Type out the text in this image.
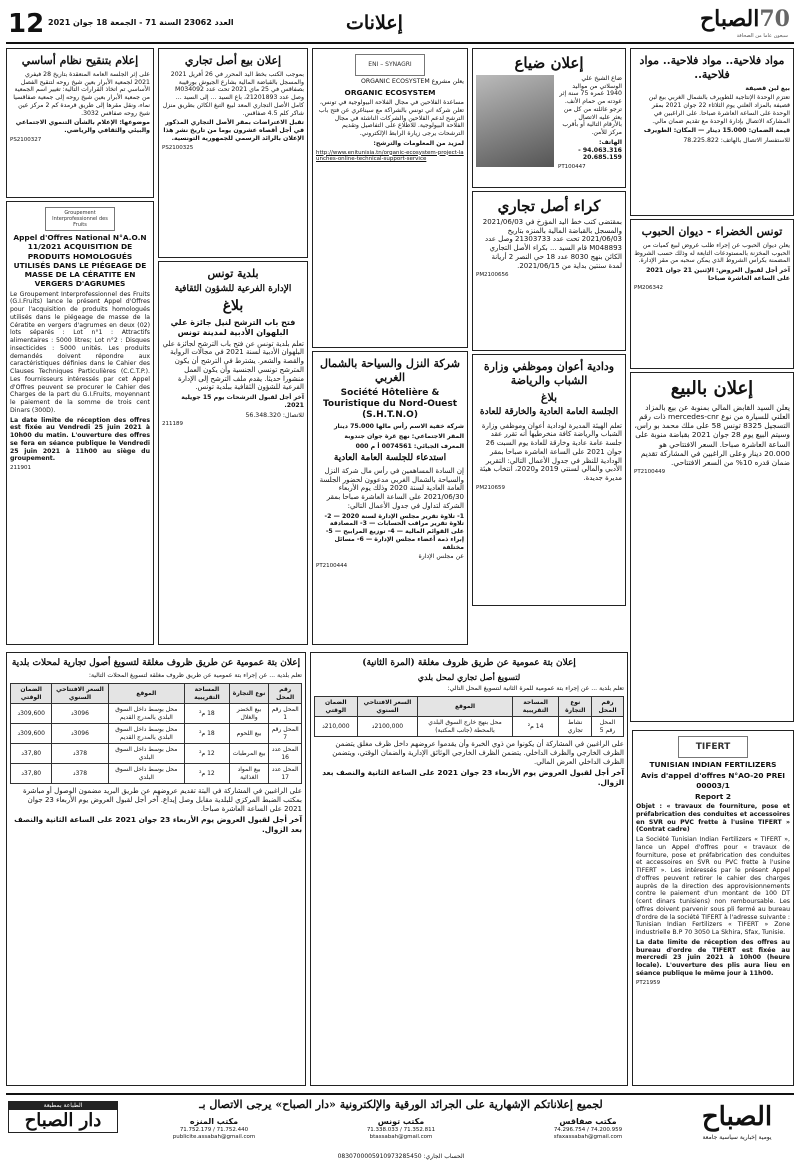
12 العدد 23062 السنة 71 - الجمعة 18 جوان 2021	إعلانات	الصباح70
سبعون عاما من الصحافة
مواد فلاحية.. مواد فلاحية.. مواد فلاحية..
بيع لبن قصيفة
تعتزم الوحدة الإنتاجية للطويرف بالشمال الغربي بيع لبن قصيفة بالمزاد العلني يوم الثلاثاء 22 جوان 2021 بمقر الوحدة على الساعة العاشرة صباحا. على الراغبين في المشاركة الاتصال بإدارة الوحدة مع تقديم ضمان مالي.
قيمة الضمان: 15.000 دينار — المكان: الطويرف
للاستفسار الاتصال بالهاتف: 78.225.822
تونس الخضراء - ديوان الحبوب
يعلن ديوان الحبوب عن إجراء طلب عروض لبيع كميات من الحبوب المخزنة بالمستودعات التابعة له وذلك حسب الشروط المضمنة بكراس الشروط الذي يمكن سحبه من مقر الإدارة.
آخر أجل لقبول العروض: الإثنين 21 جوان 2021 على الساعة العاشرة صباحا
PM206342
إعلان بالبيع
يعلن السيد القابض المالي بمنوبة عن بيع بالمزاد العلني للسيارة من نوع mercedes-cnr ذات رقم التسجيل 8325 تونس 58 على ملك محمد بو راس، وسيتم البيع يوم 28 جوان 2021 بقباضة منوبة على الساعة العاشرة صباحا. السعر الافتتاحي هو 20.000 دينار وعلى الراغبين في المشاركة تقديم ضمان قدره 10% من السعر الافتتاحي.
PT2100449
إعلان ضياع
ضاع الشيخ علي الوسلاتي من مواليد 1940 عمره 75 سنة إثر عودته من حمام الأنف. ترجو عائلته من كل من يعثر عليه الاتصال بالأرقام التالية أو بأقرب مركز للأمن.
الهاتف: 94.063.316 - 20.685.159
PT100447
كراء أصل تجاري
بمقتضى كتب خط اليد المؤرخ في 2021/06/03 والمسجل بالقباضة المالية بالمنزه بتاريخ 2021/06/03 تحت عدد 21303733 وصل عدد M048893 قام السيد ... بكراء الأصل التجاري الكائن بنهج 8030 عدد 18 حي النصر 2 أريانة لمدة سنتين بداية من 2021/06/15.
PM2100656
ودادية أعوان وموظفي وزارة الشباب والرياضة
بلاغ
الجلسة العامة العادية والخارقة للعادة
تعلم الهيئة المديرة لودادية أعوان وموظفي وزارة الشباب والرياضة كافة منخرطيها أنه تقرر عقد جلسة عامة عادية وخارقة للعادة يوم السبت 26 جوان 2021 على الساعة العاشرة صباحا بمقر الودادية للنظر في جدول الأعمال التالي: التقرير الأدبي والمالي لسنتي 2019 و2020، انتخاب هيئة مديرة جديدة.
PM210659
ENI – SYNAGRI
يعلن مشروع ORGANIC ECOSYSTEM
ORGANIC ECOSYSTEM
مساعدة الفلاحين في مجال الفلاحة البيولوجية في تونس، تعلن شركة اني تونس بالشراكة مع سيناغري عن فتح باب الترشح لدعم الفلاحين والشركات الناشئة في مجال الفلاحة البيولوجية. للاطلاع على التفاصيل وتقديم الترشحات يرجى زيارة الرابط الإلكتروني.
لمزيد من المعلومات والترشح:
http://www.enitunisia.tn/organic-ecosystem-project-launches-online-technical-support-service
شركة النزل والسياحة بالشمال الغربي
Société Hôtelière & Touristique du Nord-Ouest (S.H.T.N.O)
شركة خفية الاسم رأس مالها 75.000 دينار
المقر الاجتماعي: نهج غرة جوان جندوبة
المعرف الجبائي: 0074561 أ م 000
استدعاء للجلسة العامة العادية
إن السادة المساهمين في رأس مال شركة النزل والسياحة بالشمال الغربي مدعوون لحضور الجلسة العامة العادية لسنة 2020 وذلك يوم الأربعاء 2021/06/30 على الساعة العاشرة صباحا بمقر الشركة لتداول في جدول الأعمال التالي:
1- تلاوة تقرير مجلس الإدارة لسنة 2020 — 2- تلاوة تقرير مراقب الحسابات — 3- المصادقة على القوائم المالية — 4- توزيع المرابيح — 5- إبراء ذمة أعضاء مجلس الإدارة — 6- مسائل مختلفة
عن مجلس الإدارة
PT2100444
إعلان بيع أصل تجاري
بموجب الكتب بخط اليد المحرر في 26 أفريل 2021 والمسجل بالقباضة المالية بشارع الجيوش بورقيبة بصفاقس في 25 ماي 2021 تحت عدد M034092 وصل عدد 21201893، باع السيد ... إلى السيد ... كامل الأصل التجاري المعد لبيع التبغ الكائن بطريق منزل شاكر كلم 4.5 صفاقس.
تقبل الاعتراضات بمقر الأصل التجاري المذكور في أجل أقصاه عشرون يوما من تاريخ نشر هذا الإعلان بالرائد الرسمي للجمهورية التونسية.
PS2100325
بلدية تونس
الإدارة الفرعية للشؤون الثقافية
بلاغ
فتح باب الترشح لنيل جائزة علي البلهوان الأدبية لمدينة تونس
تعلم بلدية تونس عن فتح باب الترشح لجائزة علي البلهوان الأدبية لسنة 2021 في مجالات الرواية والقصة والشعر. يشترط في الترشح أن يكون المترشح تونسي الجنسية وأن يكون العمل منشورا حديثا. يقدم ملف الترشح إلى الإدارة الفرعية للشؤون الثقافية ببلدية تونس.
آخر أجل لقبول الترشحات يوم 15 جويلية 2021.
للاتصال: 56.348.320
211189
إعلام بتنقيح نظام أساسي
على إثر الجلسة العامة المنعقدة بتاريخ 28 فيفري 2021 لجمعية الأبرار بعين شيخ روحه لتنقيح الفصل الأساسي تم اتخاذ القرارات التالية: تغيير اسم الجمعية من جمعية الأبرار بعين شيخ روحه إلى جمعية صفاقسيا نماء، ونقل مقرها إلى طريق قرمدة كم 2 مركز عين شيخ روحه صفاقس 3032.
موضوعها: الإعلام بالشأن التنموي الاجتماعي والبيئي والثقافي والرياضي.
PS2100327
Groupement Interprofessionnel des Fruits
Appel d'Offres National N°A.O.N 11/2021 ACQUISITION DE PRODUITS HOMOLOGUÉS UTILISÉS DANS LE PIÉGEAGE DE MASSE DE LA CÉRATITE EN VERGERS D'AGRUMES
Le Groupement Interprofessionnel des Fruits (G.I.Fruits) lance le présent Appel d'Offres pour l'acquisition de produits homologués utilisés dans le piégeage de masse de la Cératite en vergers d'agrumes en deux (02) lots séparés : Lot n°1 : Attractifs alimentaires : 5000 litres; Lot n°2 : Disques insecticides : 5000 unités. Les produits demandés doivent répondre aux caractéristiques définies dans le Cahier des Clauses Techniques Particulières (C.C.T.P.). Les fournisseurs intéressés par cet Appel d'Offres peuvent se procurer le Cahier des Charges de la part du G.I.Fruits, moyennant le paiement de la somme de trois cent Dinars (300D).
La date limite de réception des offres est fixée au Vendredi 25 juin 2021 à 10h00 du matin. L'ouverture des offres se fera en séance publique le Vendredi 25 juin 2021 à 11h00 au siège du groupement.
211901
إعلان بتة عمومية عن طريق ظروف مغلقة لتسويغ أصول تجارية لمحلات بلدية
تعلم بلدية ... عن إجراء بتة عمومية عن طريق ظروف مغلقة لتسويغ المحلات التالية:
رقم المحل	نوع التجارة	المساحة التقريبية	الموقع	السعر الافتتاحي السنوي	الضمان الوقتي
المحل رقم 1	بيع الخضر والغلال	18 م²	محل بوسط داخل السوق البلدي بالمدرج القديم	3096د	309,600د
المحل رقم 7	بيع اللحوم	18 م²	محل بوسط داخل السوق البلدي بالمدرج القديم	3096د	309,600د
المحل عدد 16	بيع المرطبات	12 م²	محل بوسط داخل السوق البلدي	378د	37,80د
المحل عدد 17	بيع المواد الغذائية	12 م²	محل بوسط داخل السوق البلدي	378د	37,80د
على الراغبين في المشاركة في البتة تقديم عروضهم عن طريق البريد مضمون الوصول أو مباشرة بمكتب الضبط المركزي للبلدية مقابل وصل إيداع. آخر أجل لقبول العروض يوم الأربعاء 23 جوان 2021 على الساعة العاشرة صباحا.
آخر أجل لقبول العروض يوم الأربعاء 23 جوان 2021 على الساعة الثانية والنصف بعد الزوال.
إعلان بتة عمومية عن طريق ظروف مغلقة (المرة الثانية)
لتسويغ أصل تجاري لمحل بلدي
تعلم بلدية ... عن إجراء بتة عمومية للمرة الثانية لتسويغ المحل التالي:
رقم المحل	نوع التجارة	المساحة التقريبية	الموقع	السعر الافتتاحي السنوي	الضمان الوقتي
المحل رقم 5	نشاط تجاري	14 م²	محل بنهج خارج السوق البلدي بالمحطة (جانب المكتبة)	2100,000د	210,000د
على الراغبين في المشاركة أن يكونوا من ذوي الخبرة وأن يقدموا عروضهم داخل ظرف مغلق يتضمن الظرف الخارجي والظرف الداخلي. يتضمن الظرف الخارجي الوثائق الإدارية والضمان الوقتي، ويتضمن الظرف الداخلي العرض المالي.
آخر أجل لقبول العروض يوم الأربعاء 23 جوان 2021 على الساعة الثانية والنصف بعد الزوال.
TIFERT
TUNISIAN INDIAN FERTILIZERS
Avis d'appel d'offres N°AO-20 PREI 00003/1
Report 2
Objet : « travaux de fourniture, pose et préfabrication des conduites et accessoires en SVR ou PVC frette à l'usine TIFERT » (Contrat cadre)
La Société Tunisian Indian Fertilizers « TIFERT », lance un Appel d'offres pour « travaux de fourniture, pose et préfabrication des conduites et accessoires en SVR ou PVC frette à l'usine TIFERT ». Les intéressés par le présent Appel d'offres peuvent retirer le cahier des charges auprès de la direction des approvisionnements contre le paiement d'un montant de 100 DT (cent dinars tunisiens) non remboursable. Les offres doivent parvenir sous pli fermé au bureau d'ordre de la société TIFERT à l'adresse suivante : Tunisian Indian Fertilizers « TIFERT » Zone industrielle B.P 70 3050 La Skhira, Sfax, Tunisie.
La date limite de réception des offres au bureau d'ordre de TIFERT est fixée au mercredi 23 juin 2021 à 10h00 (heure locale). L'ouverture des plis aura lieu en séance publique le même jour à 11h00.
PT21959
الطباعة بمطبعة
دار الصباح
لجميع إعلاناتكم الإشهارية على الجرائد الورقية والإلكترونية «دار الصباح» يرجى الاتصال بـ
مكتب صفاقس
74.200.959 / 74.296.754
sfaxassabah@gmail.com
مكتب تونس
71.352.811 / 71.338.033
btassabah@gmail.com
مكتب المنزه
71.752.440 / 71.752.179
publicite.assabah@gmail.com
الحساب الجاري: 0830700005910973285450
الصباح
يومية إخبارية سياسية جامعة
